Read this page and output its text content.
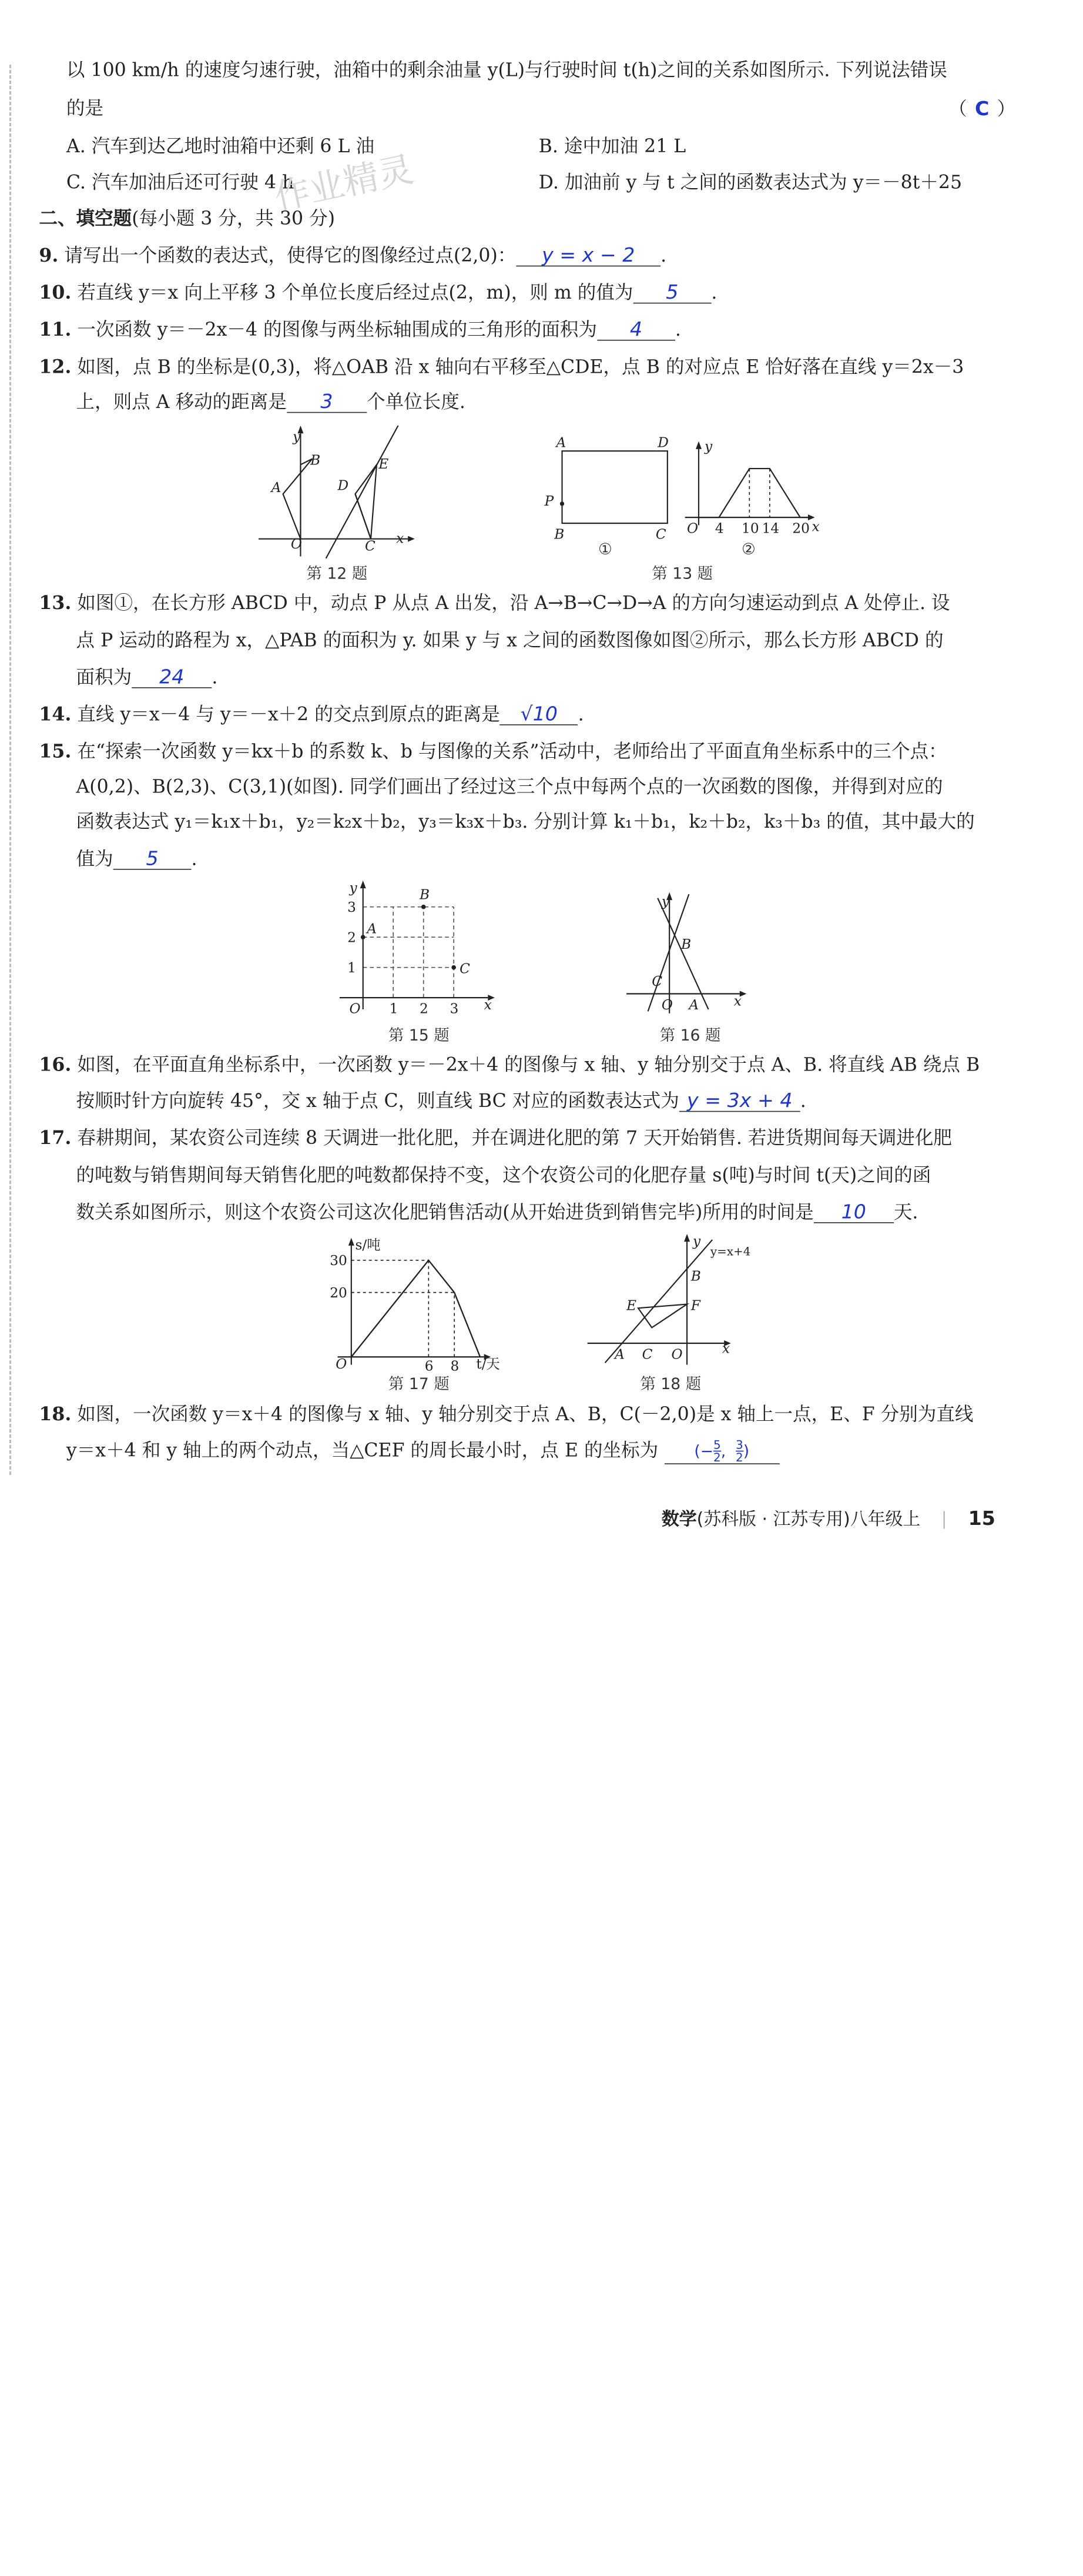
以 100 km/h 的速度匀速行驶，油箱中的剩余油量 y(L)与行驶时间 t(h)之间的关系如图所示. 下列说法错误
的是	（ C ）
A. 汽车到达乙地时油箱中还剩 6 L 油	B. 途中加油 21 L
C. 汽车加油后还可行驶 4 h	D. 加油前 y 与 t 之间的函数表达式为 y＝－8t＋25
作业精灵
二、填空题(每小题 3 分，共 30 分)
9. 请写出一个函数的表达式，使得它的图像经过点(2,0)： y = x − 2 .
10. 若直线 y＝x 向上平移 3 个单位长度后经过点(2，m)，则 m 的值为	5	.
11. 一次函数 y＝－2x－4 的图像与两坐标轴围成的三角形的面积为	4	.
12. 如图，点 B 的坐标是(0,3)，将△OAB 沿 x 轴向右平移至△CDE，点 B 的对应点 E 恰好落在直线 y＝2x－3
上，则点 A 移动的距离是	3	个单位长度.
y
x
O
A
B
C
D
E
第 12 题
A	D
P
B	C
①
y
x
O 4 10 14 20
②
第 13 题
13. 如图①，在长方形 ABCD 中，动点 P 从点 A 出发，沿 A→B→C→D→A 的方向匀速运动到点 A 处停止. 设
点 P 运动的路程为 x，△PAB 的面积为 y. 如果 y 与 x 之间的函数图像如图②所示，那么长方形 ABCD 的
面积为 24 .
14. 直线 y＝x－4 与 y＝－x＋2 的交点到原点的距离是 √10 .
15. 在“探索一次函数 y＝kx＋b 的系数 k、b 与图像的关系”活动中，老师给出了平面直角坐标系中的三个点：
A(0,2)、B(2,3)、C(3,1)(如图). 同学们画出了经过这三个点中每两个点的一次函数的图像，并得到对应的
函数表达式 y₁＝k₁x＋b₁，y₂＝k₂x＋b₂，y₃＝k₃x＋b₃. 分别计算 k₁＋b₁，k₂＋b₂，k₃＋b₃ 的值，其中最大的
值为	5	.
y
x
O
A
B
C
1	2	3
1
2
3
第 15 题
y
x
O A
B
C
第 16 题
16. 如图，在平面直角坐标系中，一次函数 y＝－2x＋4 的图像与 x 轴、y 轴分别交于点 A、B. 将直线 AB 绕点 B
按顺时针方向旋转 45°，交 x 轴于点 C，则直线 BC 对应的函数表达式为 y = 3x + 4 .
17. 春耕期间，某农资公司连续 8 天调进一批化肥，并在调进化肥的第 7 天开始销售. 若进货期间每天调进化肥
的吨数与销售期间每天销售化肥的吨数都保持不变，这个农资公司的化肥存量 s(吨)与时间 t(天)之间的函
数关系如图所示，则这个农资公司这次化肥销售活动(从开始进货到销售完毕)所用的时间是 10 天.
s/吨
t/天
O
30
20
6 8
第 17 题
y=x+4
y
x
O
A
B
C
E	F
第 18 题
18. 如图，一次函数 y＝x＋4 的图像与 x 轴、y 轴分别交于点 A、B，C(－2,0)是 x 轴上一点，E、F 分别为直线
y＝x＋4 和 y 轴上的两个动点，当△CEF 的周长最小时，点 E 的坐标为	(− $\frac{5}{2}$ , $\frac{3}{2}$ )
数学(苏科版 · 江苏专用)八年级上	15
